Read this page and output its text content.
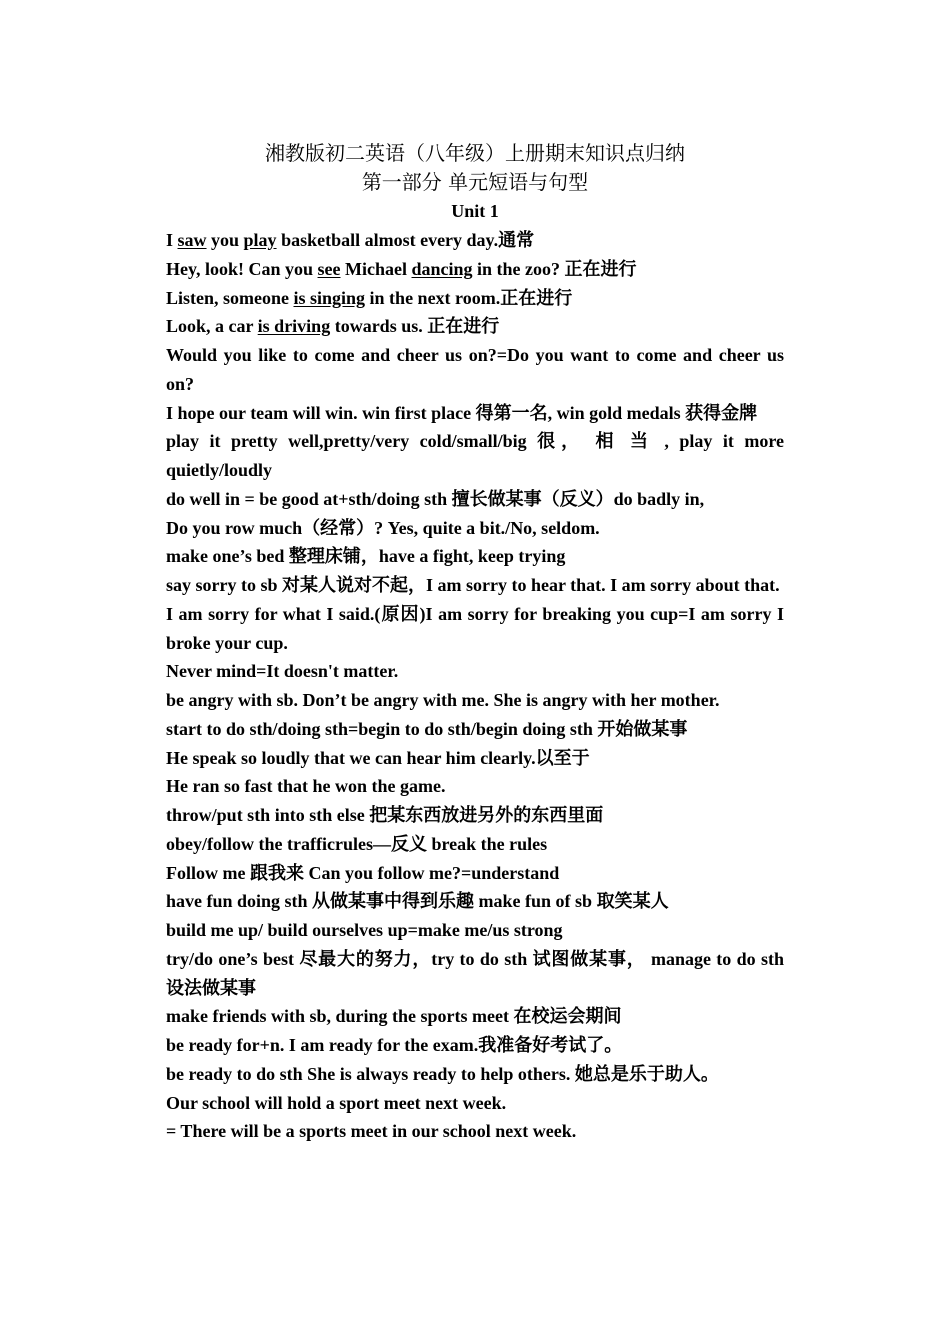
湘教版初二英语（八年级）上册期末知识点归纳
第一部分 单元短语与句型
Unit 1
I saw you play basketball almost every day.通常
Hey, look! Can you see Michael dancing in the zoo? 正在进行
Listen, someone is singing in the next room.正在进行
Look, a car is driving towards us. 正在进行
Would you like to come and cheer us on?=Do you want to come and cheer us on?
I hope our team will win. win first place 得第一名, win gold medals 获得金牌
play it pretty well,pretty/very cold/small/big 很， 相 当 , play it more quietly/loudly
do well in = be good at+sth/doing sth 擅长做某事（反义）do badly in,
Do you row much（经常）? Yes, quite a bit./No, seldom.
make one’s bed 整理床铺，have a fight, keep trying
say sorry to sb 对某人说对不起，I am sorry to hear that. I am sorry about that.
I am sorry for what I said.(原因)I am sorry for breaking you cup=I am sorry I broke your cup.
Never mind=It doesn't matter.
be angry with sb. Don’t be angry with me. She is angry with her mother.
start to do sth/doing sth=begin to do sth/begin doing sth 开始做某事
He speak so loudly that we can hear him clearly.以至于
He ran so fast that he won the game.
throw/put sth into sth else 把某东西放进另外的东西里面
obey/follow the trafficrules—反义 break the rules
Follow me 跟我来 Can you follow me?=understand
have fun doing sth 从做某事中得到乐趣 make fun of sb 取笑某人
build me up/ build ourselves up=make me/us strong
try/do one’s best 尽最大的努力，try to do sth 试图做某事， manage to do sth 设法做某事
make friends with sb, during the sports meet 在校运会期间
be ready for+n. I am ready for the exam.我准备好考试了。
be ready to do sth She is always ready to help others. 她总是乐于助人。
Our school will hold a sport meet next week.
= There will be a sports meet in our school next week.
